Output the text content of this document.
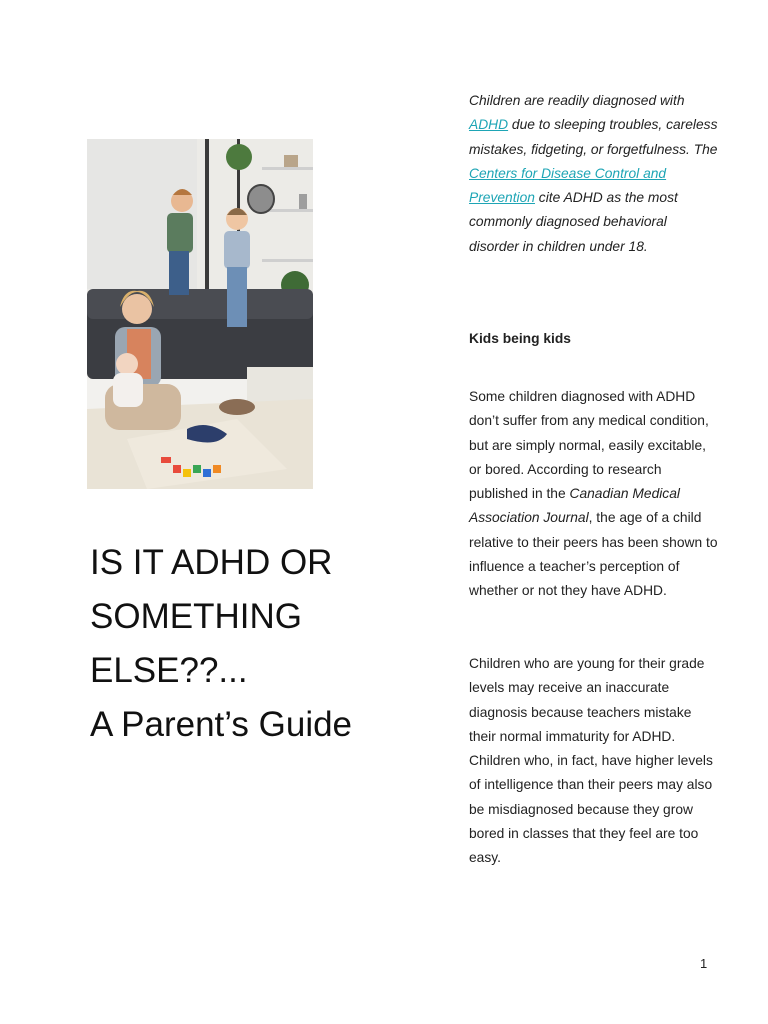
IS IT ADHD OR
SOMETHING
ELSE??...
A Parent’s Guide
Children are readily diagnosed with ADHD due to sleeping troubles, careless mistakes, fidgeting, or forgetfulness. The Centers for Disease Control and Prevention cite ADHD as the most commonly diagnosed behavioral disorder in children under 18.
Kids being kids
Some children diagnosed with ADHD don’t suffer from any medical condition, but are simply normal, easily excitable, or bored. According to research published in the Canadian Medical Association Journal, the age of a child relative to their peers has been shown to influence a teacher’s perception of whether or not they have ADHD.
Children who are young for their grade levels may receive an inaccurate diagnosis because teachers mistake their normal immaturity for ADHD. Children who, in fact, have higher levels of intelligence than their peers may also be misdiagnosed because they grow bored in classes that they feel are too easy.
1
